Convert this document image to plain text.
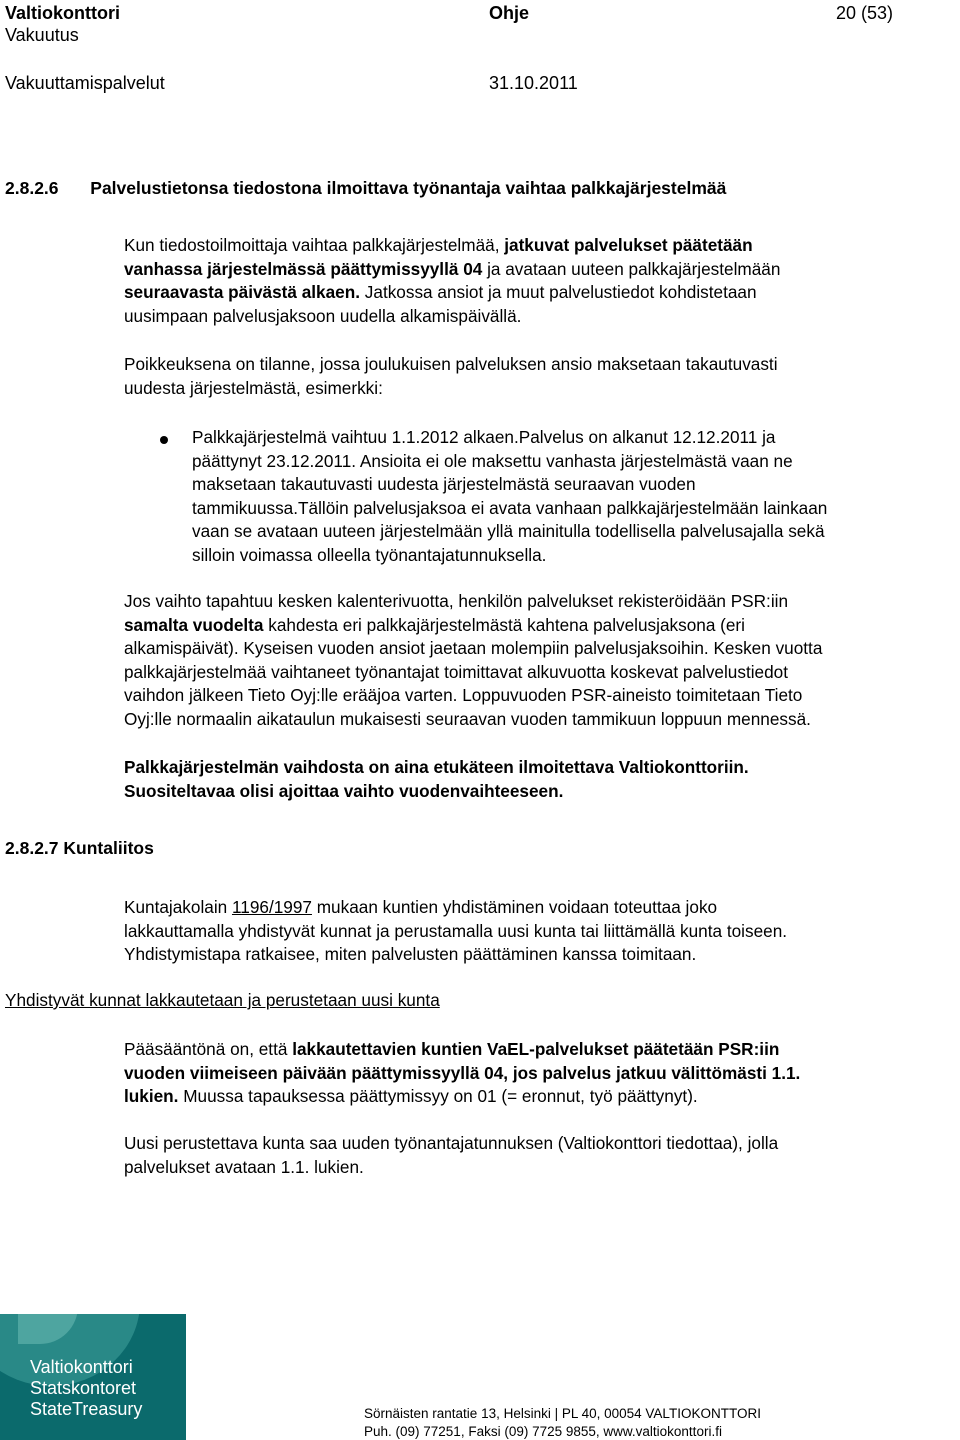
Valtiokonttori
Vakuutus
Vakuuttamispalvelut
Ohje
31.10.2011
20 (53)
2.8.2.6 Palvelustietonsa tiedostona ilmoittava työnantaja vaihtaa palkkajärjestelmää
Kun tiedostoilmoittaja vaihtaa palkkajärjestelmää, jatkuvat palvelukset päätetään
vanhassa järjestelmässä päättymissyyllä 04 ja avataan uuteen palkkajärjestelmään
seuraavasta päivästä alkaen. Jatkossa ansiot ja muut palvelustiedot kohdistetaan
uusimpaan palvelusjaksoon uudella alkamispäivällä.
Poikkeuksena on tilanne, jossa joulukuisen palveluksen ansio maksetaan takautuvasti
uudesta järjestelmästä, esimerkki:
Palkkajärjestelmä vaihtuu 1.1.2012 alkaen.Palvelus on alkanut 12.12.2011 ja
päättynyt 23.12.2011. Ansioita ei ole maksettu vanhasta järjestelmästä vaan ne
maksetaan takautuvasti uudesta järjestelmästä seuraavan vuoden
tammikuussa.Tällöin palvelusjaksoa ei avata vanhaan palkkajärjestelmään lainkaan
vaan se avataan uuteen järjestelmään yllä mainitulla todellisella palvelusajalla sekä
silloin voimassa olleella työnantajatunnuksella.
Jos vaihto tapahtuu kesken kalenterivuotta, henkilön palvelukset rekisteröidään PSR:iin
samalta vuodelta kahdesta eri palkkajärjestelmästä kahtena palvelusjaksona (eri
alkamispäivät). Kyseisen vuoden ansiot jaetaan molempiin palvelusjaksoihin. Kesken vuotta
palkkajärjestelmää vaihtaneet työnantajat toimittavat alkuvuotta koskevat palvelustiedot
vaihdon jälkeen Tieto Oyj:lle erääjoa varten. Loppuvuoden PSR-aineisto toimitetaan Tieto
Oyj:lle normaalin aikataulun mukaisesti seuraavan vuoden tammikuun loppuun mennessä.
Palkkajärjestelmän vaihdosta on aina etukäteen ilmoitettava Valtiokonttoriin.
Suositeltavaa olisi ajoittaa vaihto vuodenvaihteeseen.
2.8.2.7 Kuntaliitos
Kuntajakolain 1196/1997 mukaan kuntien yhdistäminen voidaan toteuttaa joko
lakkauttamalla yhdistyvät kunnat ja perustamalla uusi kunta tai liittämällä kunta toiseen.
Yhdistymistapa ratkaisee, miten palvelusten päättäminen kanssa toimitaan.
Yhdistyvät kunnat lakkautetaan ja perustetaan uusi kunta
Pääsääntönä on, että lakkautettavien kuntien VaEL-palvelukset päätetään PSR:iin
vuoden viimeiseen päivään päättymissyyllä 04, jos palvelus jatkuu välittömästi 1.1.
lukien. Muussa tapauksessa päättymissyy on 01 (= eronnut, työ päättynyt).
Uusi perustettava kunta saa uuden työnantajatunnuksen (Valtiokonttori tiedottaa), jolla
palvelukset avataan 1.1. lukien.
Valtiokonttori
Statskontoret
StateTreasury	Sörnäisten rantatie 13, Helsinki | PL 40, 00054 VALTIOKONTTORI
Puh. (09) 77251, Faksi (09) 7725 9855, www.valtiokonttori.fi
